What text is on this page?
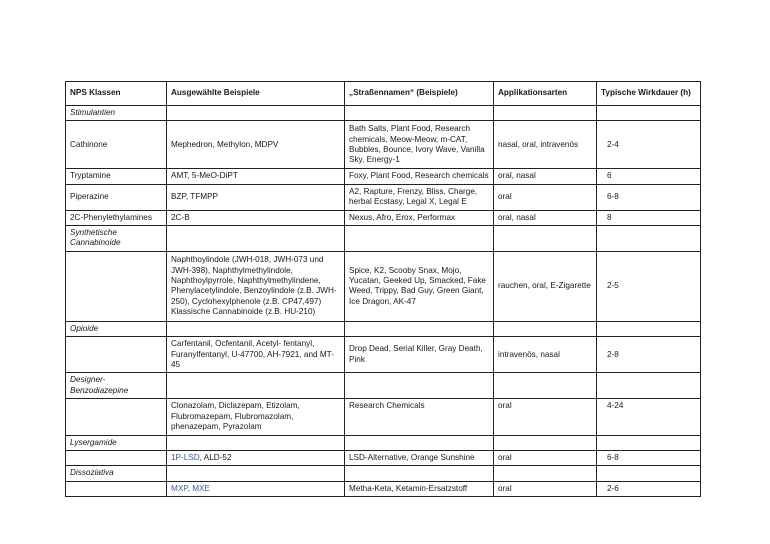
NPS Klassen	Ausgewählte Beispiele	„Straßennamen“ (Beispiele)	Applikationsarten	Typische Wirkdauer (h)
Stimulantien				
Cathinone	Mephedron, Methylon, MDPV	Bath Salts, Plant Food, Research chemicals, Meow-Meow, m-CAT, Bubbles, Bounce, Ivory Wave, Vanilla Sky, Energy-1	nasal, oral, intravenös	2-4
Tryptamine	AMT, 5-MeO-DiPT	Foxy, Plant Food, Research chemicals	oral, nasal	6
Piperazine	BZP, TFMPP	A2, Rapture, Frenzy, Bliss, Charge, herbal Ecstasy, Legal X, Legal E	oral	6-8
2C-Phenylethylamines	2C-B	Nexus, Afro, Erox, Performax	oral, nasal	8
Synthetische Cannabinoide				
	Naphthoylindole (JWH-018, JWH-073 und JWH-398), Naphthylmethylindole, Naphthoylpyrrole, Naphthylmethylindene, Phenylacetylindole, Benzoylindole (z.B. JWH-250), Cyclohexylphenole (z.B. CP47,497) Klassische Cannabinoide (z.B. HU-210)	Spice, K2, Scooby Snax, Mojo, Yucatan, Geeked Up, Smacked, Fake Weed, Trippy, Bad Guy, Green Giant, Ice Dragon, AK-47	rauchen, oral, E-Zigarette	2-5
Opioide				
	Carfentanil, Ocfentanil, Acetyl- fentanyl, Furanylfentanyl, U-47700, AH-7921, and MT-45	Drop Dead, Serial Killer, Gray Death, Pink	intravenös, nasal	2-8
Designer-Benzodiazepine				
	Clonazolam, Diclazepam, Etizolam, Flubromazepam, Flubromazolam, phenazepam, Pyrazolam	Research Chemicals	oral	4-24
Lysergamide				
	1P-LSD, ALD-52	LSD-Alternative, Orange Sunshine	oral	6-8
Dissoziativa				
	MXP, MXE	Metha-Keta, Ketamin-Ersatzstoff	oral	2-6
